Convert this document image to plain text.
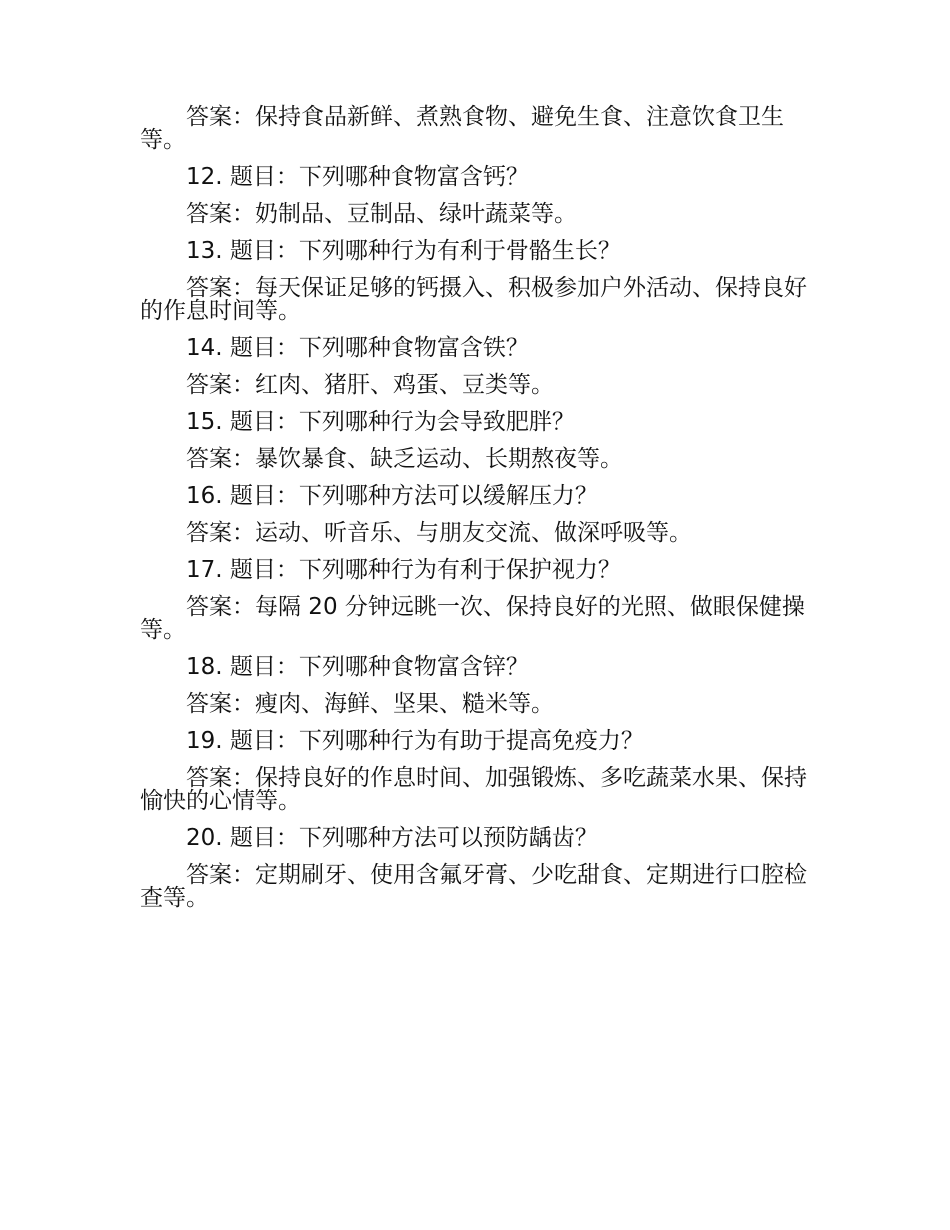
答案：保持食品新鲜、煮熟食物、避免生食、注意饮食卫生等。

12. 题目：下列哪种食物富含钙？

答案：奶制品、豆制品、绿叶蔬菜等。

13. 题目：下列哪种行为有利于骨骼生长？

答案：每天保证足够的钙摄入、积极参加户外活动、保持良好的作息时间等。

14. 题目：下列哪种食物富含铁？

答案：红肉、猪肝、鸡蛋、豆类等。

15. 题目：下列哪种行为会导致肥胖？

答案：暴饮暴食、缺乏运动、长期熬夜等。

16. 题目：下列哪种方法可以缓解压力？

答案：运动、听音乐、与朋友交流、做深呼吸等。

17. 题目：下列哪种行为有利于保护视力？

答案：每隔 20 分钟远眺一次、保持良好的光照、做眼保健操等。

18. 题目：下列哪种食物富含锌？

答案：瘦肉、海鲜、坚果、糙米等。

19. 题目：下列哪种行为有助于提高免疫力？

答案：保持良好的作息时间、加强锻炼、多吃蔬菜水果、保持愉快的心情等。

20. 题目：下列哪种方法可以预防龋齿？

答案：定期刷牙、使用含氟牙膏、少吃甜食、定期进行口腔检查等。
